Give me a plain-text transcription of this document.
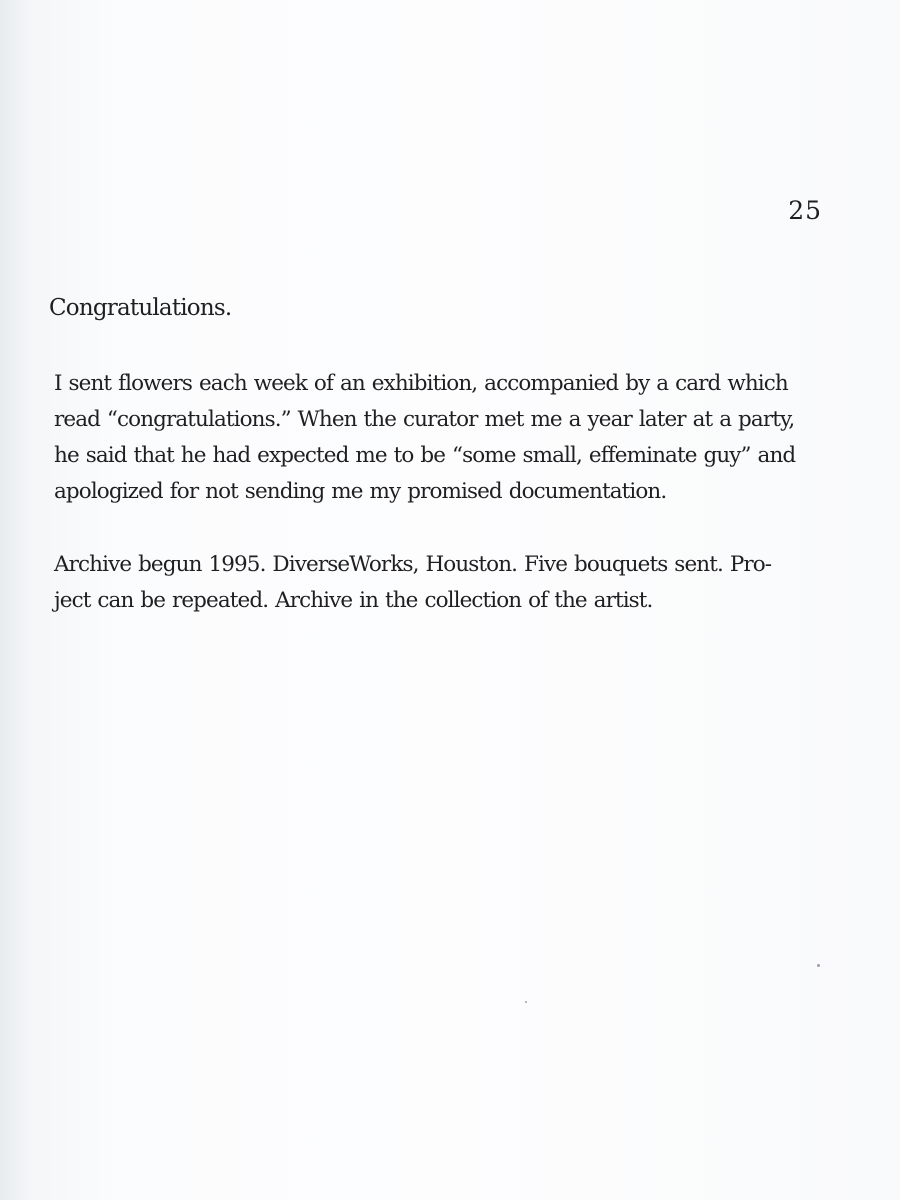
25
Congratulations.

I sent flowers each week of an exhibition, accompanied by a card which
read “congratulations.” When the curator met me a year later at a party,
he said that he had expected me to be “some small, effeminate guy” and
apologized for not sending me my promised documentation.

Archive begun 1995. DiverseWorks, Houston. Five bouquets sent. Pro-
ject can be repeated. Archive in the collection of the artist.
